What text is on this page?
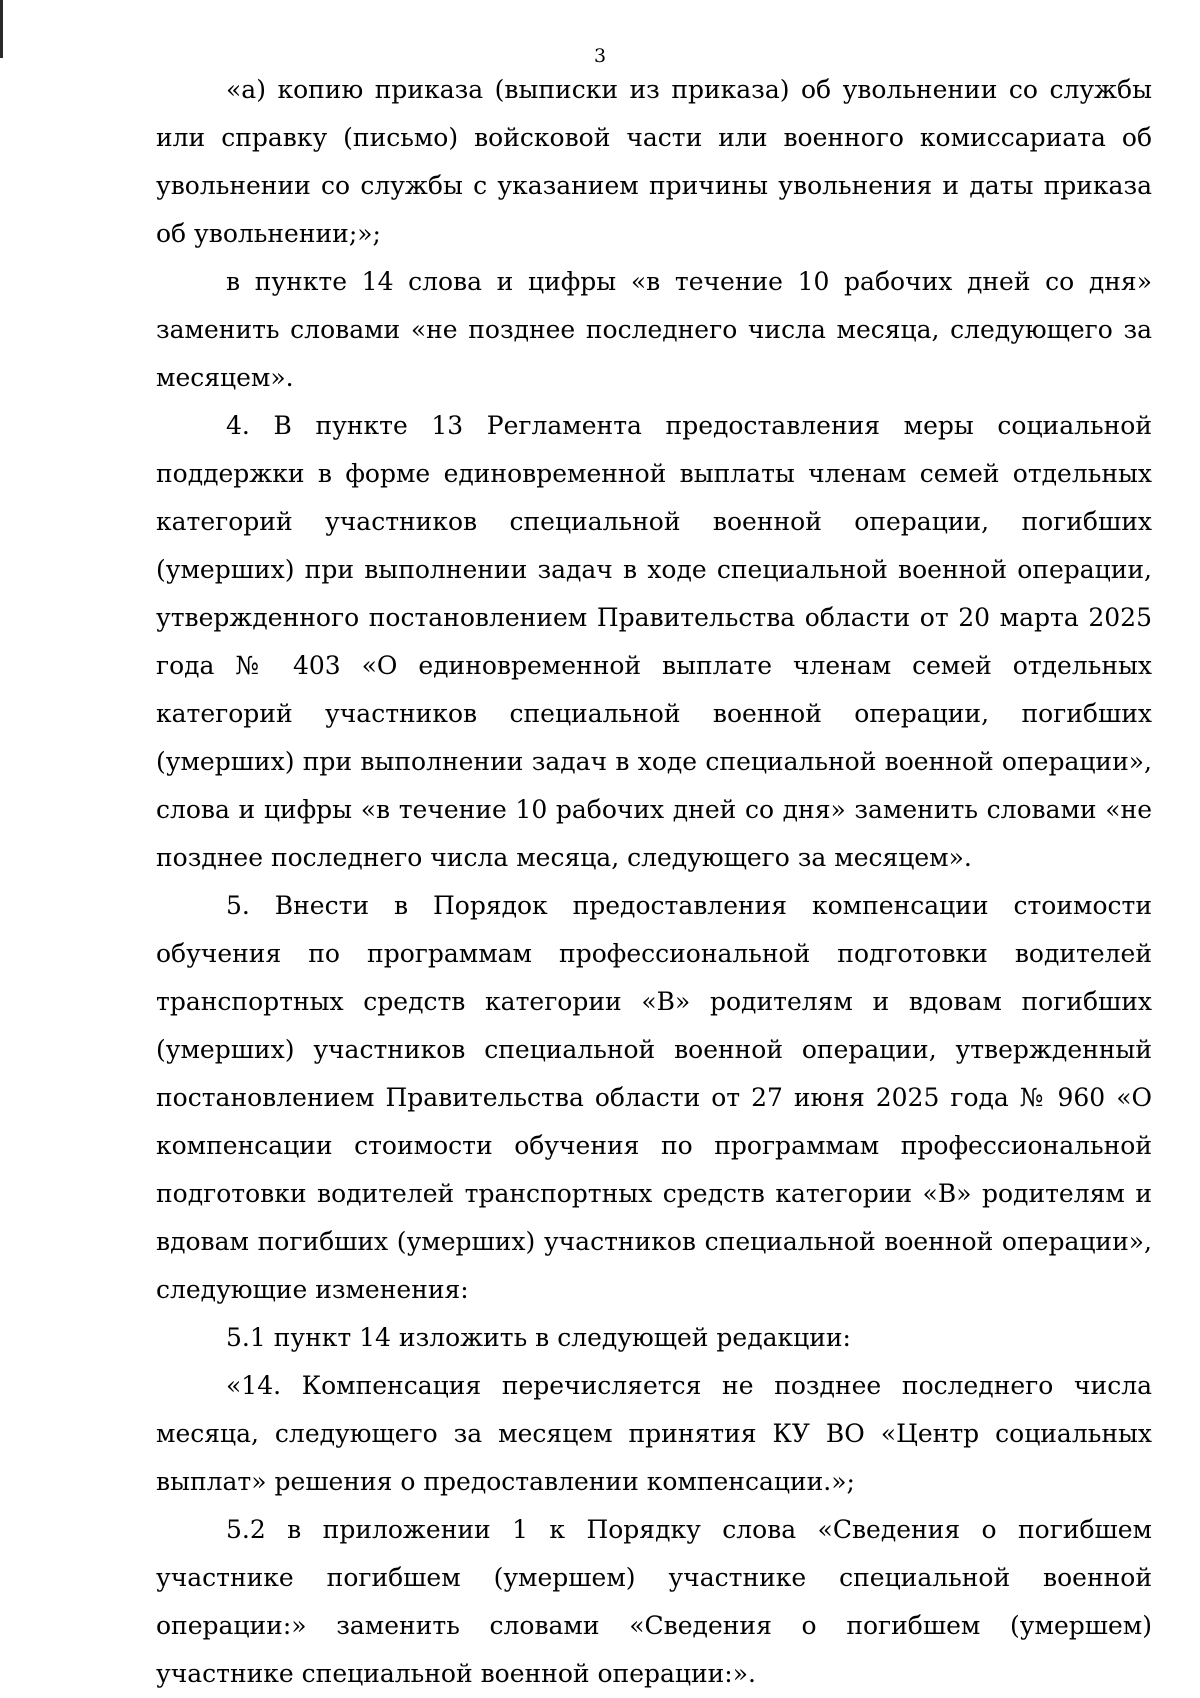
3

«а) копию приказа (выписки из приказа) об увольнении со службы или справку (письмо) войсковой части или военного комиссариата об увольнении со службы с указанием причины увольнения и даты приказа об увольнении;»;

в пункте 14 слова и цифры «в течение 10 рабочих дней со дня» заменить словами «не позднее последнего числа месяца, следующего за месяцем».

4. В пункте 13 Регламента предоставления меры социальной поддержки в форме единовременной выплаты членам семей отдельных категорий участников специальной военной операции, погибших (умерших) при выполнении задач в ходе специальной военной операции, утвержденного постановлением Правительства области от 20 марта 2025 года № 403 «О единовременной выплате членам семей отдельных категорий участников специальной военной операции, погибших (умерших) при выполнении задач в ходе специальной военной операции», слова и цифры «в течение 10 рабочих дней со дня» заменить словами «не позднее последнего числа месяца, следующего за месяцем».

5. Внести в Порядок предоставления компенсации стоимости обучения по программам профессиональной подготовки водителей транспортных средств категории «В» родителям и вдовам погибших (умерших) участников специальной военной операции, утвержденный постановлением Правительства области от 27 июня 2025 года № 960 «О компенсации стоимости обучения по программам профессиональной подготовки водителей транспортных средств категории «В» родителям и вдовам погибших (умерших) участников специальной военной операции», следующие изменения:

5.1 пункт 14 изложить в следующей редакции:

«14. Компенсация перечисляется не позднее последнего числа месяца, следующего за месяцем принятия КУ ВО «Центр социальных выплат» решения о предоставлении компенсации.»;

5.2 в приложении 1 к Порядку слова «Сведения о погибшем участнике погибшем (умершем) участнике специальной военной операции:» заменить словами «Сведения о погибшем (умершем) участнике специальной военной операции:».
